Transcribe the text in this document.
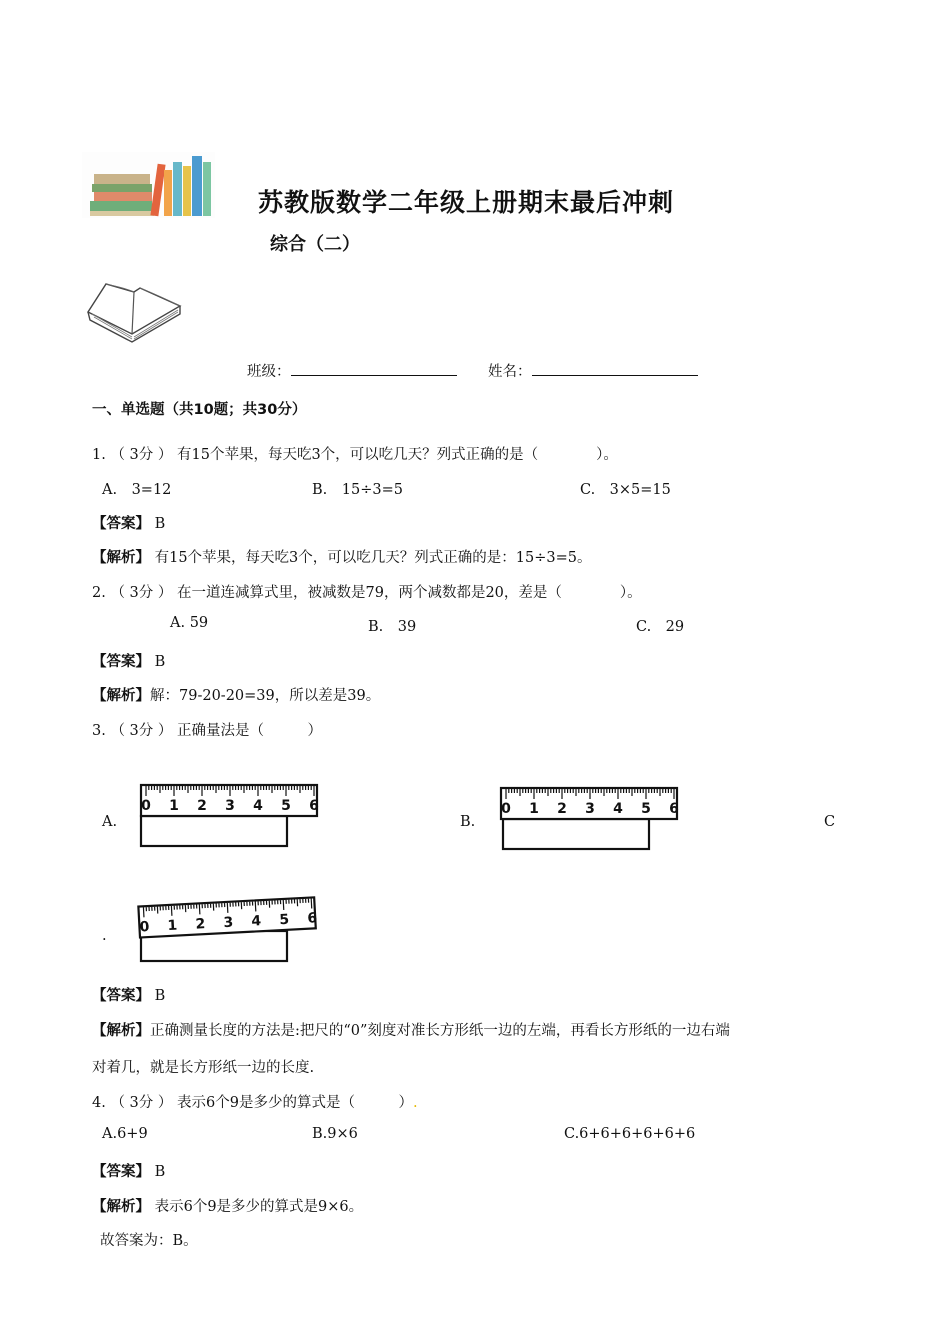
苏教版数学二年级上册期末最后冲刺
综合（二）
班级：	姓名：
一、单选题（共10题；共30分）
1. （ 3分 ） 有15个苹果，每天吃3个，可以吃几天？列式正确的是（　　　　）。
A.　3=12	B.　15÷3=5	C.　3×5=15
【答案】 B
【解析】 有15个苹果，每天吃3个，可以吃几天？列式正确的是：15÷3=5。
2. （ 3分 ） 在一道连减算式里，被减数是79，两个减数都是20，差是（　　　　）。
A. 59	B.　39	C.　29
【答案】 B
【解析】解：79-20-20=39，所以差是39。
3. （ 3分 ） 正确量法是（　　　）
A.	B.	C
.
0 1 2 3 4 5 6	0 1 2 3 4 5 6
0 1 2 3 4 5 6
【答案】 B
【解析】正确测量长度的方法是:把尺的“0”刻度对准长方形纸一边的左端，再看长方形纸的一边右端
对着几，就是长方形纸一边的长度.
4. （ 3分 ） 表示6个9是多少的算式是（　　　）.
A.6+9	B.9×6	C.6+6+6+6+6+6
【答案】 B
【解析】 表示6个9是多少的算式是9×6。
故答案为：B。
